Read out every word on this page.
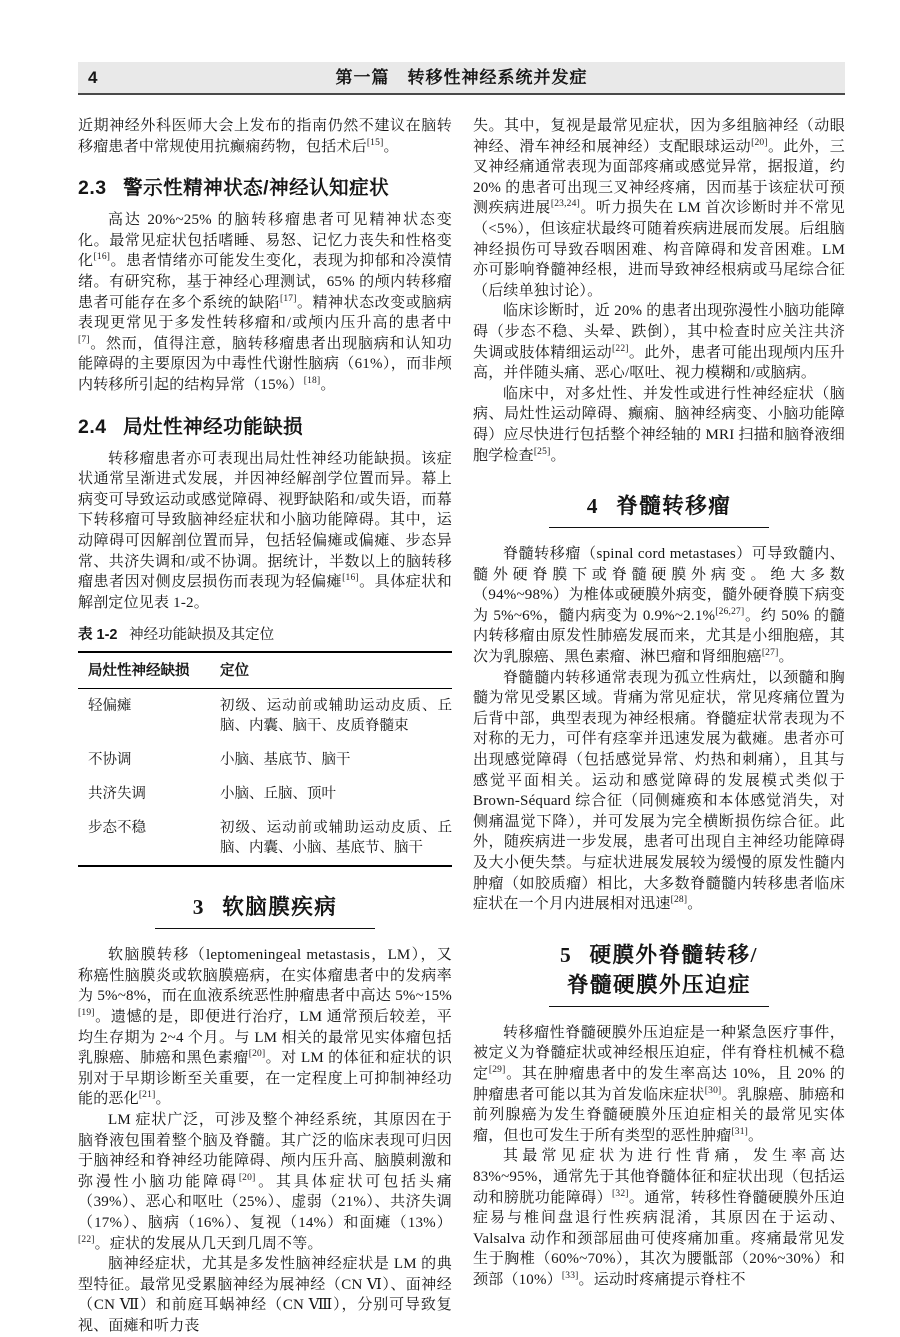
4	第一篇　转移性神经系统并发症

近期神经外科医师大会上发布的指南仍然不建议在脑转移瘤患者中常规使用抗癫痫药物，包括术后[15]。

2.3 警示性精神状态/神经认知症状

高达 20%~25% 的脑转移瘤患者可见精神状态变化。最常见症状包括嗜睡、易怒、记忆力丧失和性格变化[16]。患者情绪亦可能发生变化，表现为抑郁和冷漠情绪。有研究称，基于神经心理测试，65% 的颅内转移瘤患者可能存在多个系统的缺陷[17]。精神状态改变或脑病表现更常见于多发性转移瘤和/或颅内压升高的患者中[7]。然而，值得注意，脑转移瘤患者出现脑病和认知功能障碍的主要原因为中毒性代谢性脑病（61%），而非颅内转移所引起的结构异常（15%）[18]。

2.4 局灶性神经功能缺损

转移瘤患者亦可表现出局灶性神经功能缺损。该症状通常呈渐进式发展，并因神经解剖学位置而异。幕上病变可导致运动或感觉障碍、视野缺陷和/或失语，而幕下转移瘤可导致脑神经症状和小脑功能障碍。其中，运动障碍可因解剖位置而异，包括轻偏瘫或偏瘫、步态异常、共济失调和/或不协调。据统计，半数以上的脑转移瘤患者因对侧皮层损伤而表现为轻偏瘫[16]。具体症状和解剖定位见表 1-2。

表 1-2 神经功能缺损及其定位
局灶性神经缺损	定位
轻偏瘫	初级、运动前或辅助运动皮质、丘脑、内囊、脑干、皮质脊髓束
不协调	小脑、基底节、脑干
共济失调	小脑、丘脑、顶叶
步态不稳	初级、运动前或辅助运动皮质、丘脑、内囊、小脑、基底节、脑干
3 软脑膜疾病

软脑膜转移（leptomeningeal metastasis，LM），又称癌性脑膜炎或软脑膜癌病，在实体瘤患者中的发病率为 5%~8%，而在血液系统恶性肿瘤患者中高达 5%~15%[19]。遗憾的是，即便进行治疗，LM 通常预后较差，平均生存期为 2~4 个月。与 LM 相关的最常见实体瘤包括乳腺癌、肺癌和黑色素瘤[20]。对 LM 的体征和症状的识别对于早期诊断至关重要，在一定程度上可抑制神经功能的恶化[21]。

LM 症状广泛，可涉及整个神经系统，其原因在于脑脊液包围着整个脑及脊髓。其广泛的临床表现可归因于脑神经和脊神经功能障碍、颅内压升高、脑膜刺激和弥漫性小脑功能障碍[20]。其具体症状可包括头痛（39%）、恶心和呕吐（25%）、虚弱（21%）、共济失调（17%）、脑病（16%）、复视（14%）和面瘫（13%）[22]。症状的发展从几天到几周不等。

脑神经症状，尤其是多发性脑神经症状是 LM 的典型特征。最常见受累脑神经为展神经（CN Ⅵ）、面神经（CN Ⅶ）和前庭耳蜗神经（CN Ⅷ），分别可导致复视、面瘫和听力丧

失。其中，复视是最常见症状，因为多组脑神经（动眼神经、滑车神经和展神经）支配眼球运动[20]。此外，三叉神经痛通常表现为面部疼痛或感觉异常，据报道，约 20% 的患者可出现三叉神经疼痛，因而基于该症状可预测疾病进展[23,24]。听力损失在 LM 首次诊断时并不常见（<5%），但该症状最终可随着疾病进展而发展。后组脑神经损伤可导致吞咽困难、构音障碍和发音困难。LM 亦可影响脊髓神经根，进而导致神经根病或马尾综合征（后续单独讨论）。

临床诊断时，近 20% 的患者出现弥漫性小脑功能障碍（步态不稳、头晕、跌倒），其中检查时应关注共济失调或肢体精细运动[22]。此外，患者可能出现颅内压升高，并伴随头痛、恶心/呕吐、视力模糊和/或脑病。

临床中，对多灶性、并发性或进行性神经症状（脑病、局灶性运动障碍、癫痫、脑神经病变、小脑功能障碍）应尽快进行包括整个神经轴的 MRI 扫描和脑脊液细胞学检查[25]。

4 脊髓转移瘤

脊髓转移瘤（spinal cord metastases）可导致髓内、髓外硬脊膜下或脊髓硬膜外病变。绝大多数（94%~98%）为椎体或硬膜外病变，髓外硬脊膜下病变为 5%~6%，髓内病变为 0.9%~2.1%[26,27]。约 50% 的髓内转移瘤由原发性肺癌发展而来，尤其是小细胞癌，其次为乳腺癌、黑色素瘤、淋巴瘤和肾细胞癌[27]。

脊髓髓内转移通常表现为孤立性病灶，以颈髓和胸髓为常见受累区域。背痛为常见症状，常见疼痛位置为后背中部，典型表现为神经根痛。脊髓症状常表现为不对称的无力，可伴有痉挛并迅速发展为截瘫。患者亦可出现感觉障碍（包括感觉异常、灼热和刺痛），且其与感觉平面相关。运动和感觉障碍的发展模式类似于 Brown-Séquard 综合征（同侧瘫痪和本体感觉消失，对侧痛温觉下降），并可发展为完全横断损伤综合征。此外，随疾病进一步发展，患者可出现自主神经功能障碍及大小便失禁。与症状进展发展较为缓慢的原发性髓内肿瘤（如胶质瘤）相比，大多数脊髓髓内转移患者临床症状在一个月内进展相对迅速[28]。

5 硬膜外脊髓转移/
脊髓硬膜外压迫症

转移瘤性脊髓硬膜外压迫症是一种紧急医疗事件，被定义为脊髓症状或神经根压迫症，伴有脊柱机械不稳定[29]。其在肿瘤患者中的发生率高达 10%，且 20% 的肿瘤患者可能以其为首发临床症状[30]。乳腺癌、肺癌和前列腺癌为发生脊髓硬膜外压迫症相关的最常见实体瘤，但也可发生于所有类型的恶性肿瘤[31]。

其最常见症状为进行性背痛，发生率高达 83%~95%，通常先于其他脊髓体征和症状出现（包括运动和膀胱功能障碍）[32]。通常，转移性脊髓硬膜外压迫症易与椎间盘退行性疾病混淆，其原因在于运动、Valsalva 动作和颈部屈曲可使疼痛加重。疼痛最常见发生于胸椎（60%~70%），其次为腰骶部（20%~30%）和颈部（10%）[33]。运动时疼痛提示脊柱不
